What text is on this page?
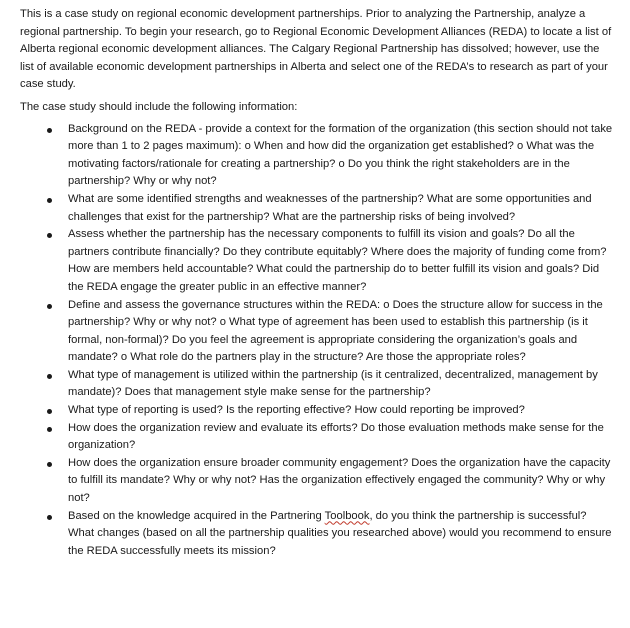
This is a case study on regional economic development partnerships. Prior to analyzing the Partnership, analyze a regional partnership. To begin your research, go to Regional Economic Development Alliances (REDA) to locate a list of Alberta regional economic development alliances. The Calgary Regional Partnership has dissolved; however, use the list of available economic development partnerships in Alberta and select one of the REDA’s to research as part of your case study.

The case study should include the following information:

Background on the REDA - provide a context for the formation of the organization (this section should not take more than 1 to 2 pages maximum): o When and how did the organization get established? o What was the motivating factors/rationale for creating a partnership? o Do you think the right stakeholders are in the partnership? Why or why not?
What are some identified strengths and weaknesses of the partnership? What are some opportunities and challenges that exist for the partnership? What are the partnership risks of being involved?
Assess whether the partnership has the necessary components to fulfill its vision and goals? Do all the partners contribute financially? Do they contribute equitably? Where does the majority of funding come from? How are members held accountable? What could the partnership do to better fulfill its vision and goals? Did the REDA engage the greater public in an effective manner?
Define and assess the governance structures within the REDA: o Does the structure allow for success in the partnership? Why or why not? o What type of agreement has been used to establish this partnership (is it formal, non-formal)? Do you feel the agreement is appropriate considering the organization’s goals and mandate? o What role do the partners play in the structure? Are those the appropriate roles?
What type of management is utilized within the partnership (is it centralized, decentralized, management by mandate)? Does that management style make sense for the partnership?
What type of reporting is used? Is the reporting effective? How could reporting be improved?
How does the organization review and evaluate its efforts? Do those evaluation methods make sense for the organization?
How does the organization ensure broader community engagement? Does the organization have the capacity to fulfill its mandate? Why or why not? Has the organization effectively engaged the community? Why or why not?
Based on the knowledge acquired in the Partnering Toolbook, do you think the partnership is successful? What changes (based on all the partnership qualities you researched above) would you recommend to ensure the REDA successfully meets its mission?
